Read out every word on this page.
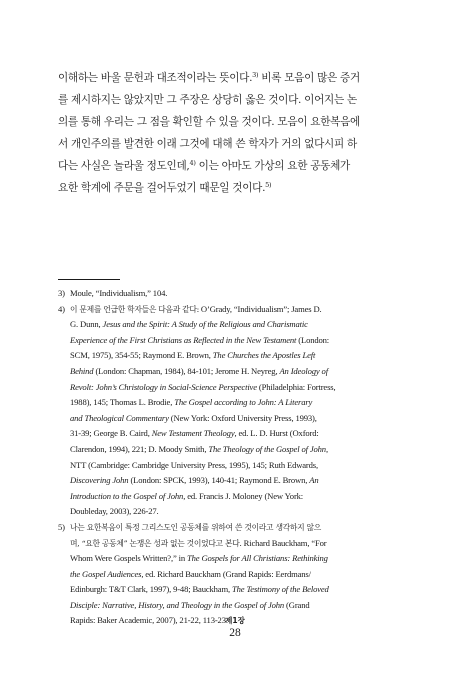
이해하는 바울 문헌과 대조적이라는 뜻이다.$^{3)}$ 비록 모음이 많은 증거
를 제시하지는 않았지만 그 주장은 상당히 옳은 것이다. 이어지는 논
의를 통해 우리는 그 점을 확인할 수 있을 것이다. 모음이 요한복음에
서 개인주의를 발견한 이래 그것에 대해 쓴 학자가 거의 없다시피 하
다는 사실은 놀라울 정도인데,$^{4)}$ 이는 아마도 가상의 요한 공동체가
요한 학계에 주문을 걸어두었기 때문일 것이다.$^{5)}$
3) Moule, “Individualism,” 104.
4) 이 문제를 언급한 학자들은 다음과 같다: O’Grady, “Individualism”; James D.
G. Dunn, Jesus and the Spirit: A Study of the Religious and Charismatic
Experience of the First Christians as Reflected in the New Testament (London:
SCM, 1975), 354-55; Raymond E. Brown, The Churches the Apostles Left
Behind (London: Chapman, 1984), 84-101; Jerome H. Neyreg, An Ideology of
Revolt: John’s Christology in Social-Science Perspective (Philadelphia: Fortress,
1988), 145; Thomas L. Brodie, The Gospel according to John: A Literary
and Theological Commentary (New York: Oxford University Press, 1993),
31-39; George B. Caird, New Testament Theology, ed. L. D. Hurst (Oxford:
Clarendon, 1994), 221; D. Moody Smith, The Theology of the Gospel of John,
NTT (Cambridge: Cambridge University Press, 1995), 145; Ruth Edwards,
Discovering John (London: SPCK, 1993), 140-41; Raymond E. Brown, An
Introduction to the Gospel of John, ed. Francis J. Moloney (New York:
Doubleday, 2003), 226-27.
5) 나는 요한복음이 특정 그리스도인 공동체를 위하여 쓴 것이라고 생각하지 않으
며, “요한 공동체” 논쟁은 성과 없는 것이었다고 본다. Richard Bauckham, “For
Whom Were Gospels Written?,” in The Gospels for All Christians: Rethinking
the Gospel Audiences, ed. Richard Bauckham (Grand Rapids: Eerdmans/
Edinburgh: T&T Clark, 1997), 9-48; Bauckham, The Testimony of the Beloved
Disciple: Narrative, History, and Theology in the Gospel of John (Grand
Rapids: Baker Academic, 2007), 21-22, 113-23.
제1장
28
